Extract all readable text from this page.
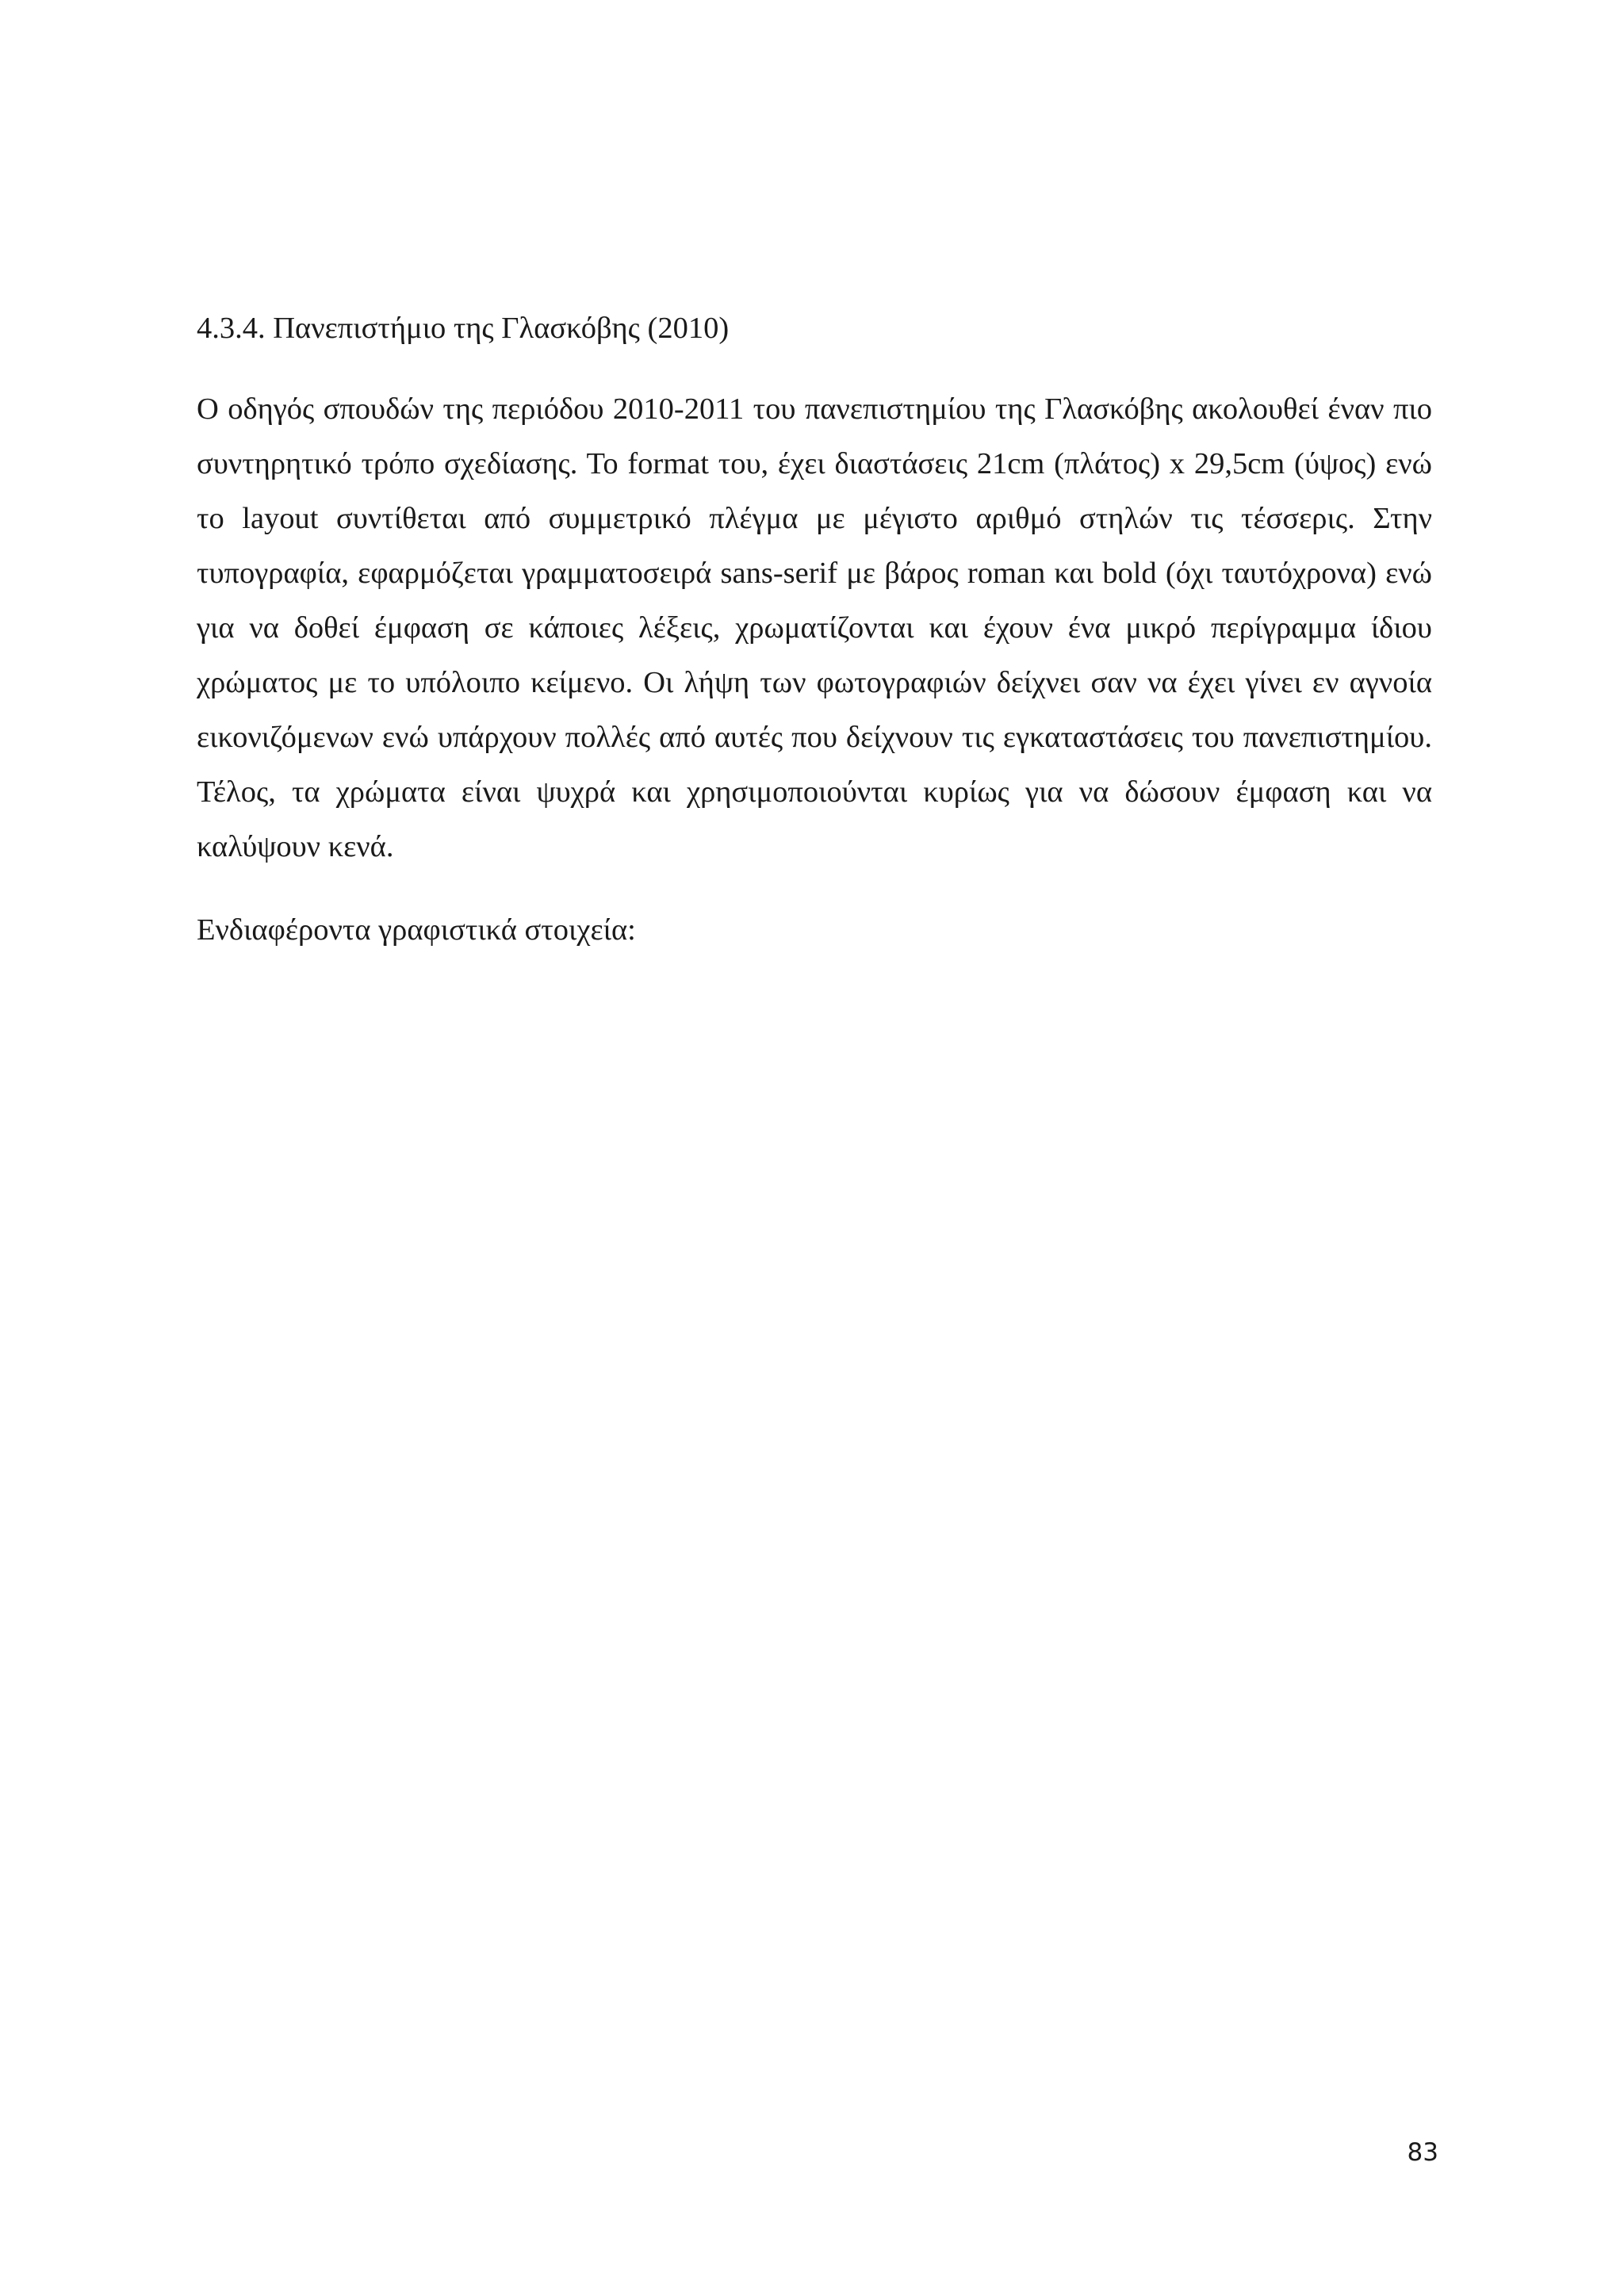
4.3.4. Πανεπιστήμιο της Γλασκόβης (2010)

Ο οδηγός σπουδών της περιόδου 2010-2011 του πανεπιστημίου της Γλασκόβης ακολουθεί έναν πιο συντηρητικό τρόπο σχεδίασης. Το format του, έχει διαστάσεις 21cm (πλάτος) x 29,5cm (ύψος) ενώ το layout συντίθεται από συμμετρικό πλέγμα με μέγιστο αριθμό στηλών τις τέσσερις. Στην τυπογραφία, εφαρμόζεται γραμματοσειρά sans-serif με βάρος roman και bold (όχι ταυτόχρονα) ενώ για να δοθεί έμφαση σε κάποιες λέξεις, χρωματίζονται και έχουν ένα μικρό περίγραμμα ίδιου χρώματος με το υπόλοιπο κείμενο. Οι λήψη των φωτογραφιών δείχνει σαν να έχει γίνει εν αγνοία εικονιζόμενων ενώ υπάρχουν πολλές από αυτές που δείχνουν τις εγκαταστάσεις του πανεπιστημίου. Τέλος, τα χρώματα είναι ψυχρά και χρησιμοποιούνται κυρίως για να δώσουν έμφαση και να καλύψουν κενά.

Ενδιαφέροντα γραφιστικά στοιχεία:

83
